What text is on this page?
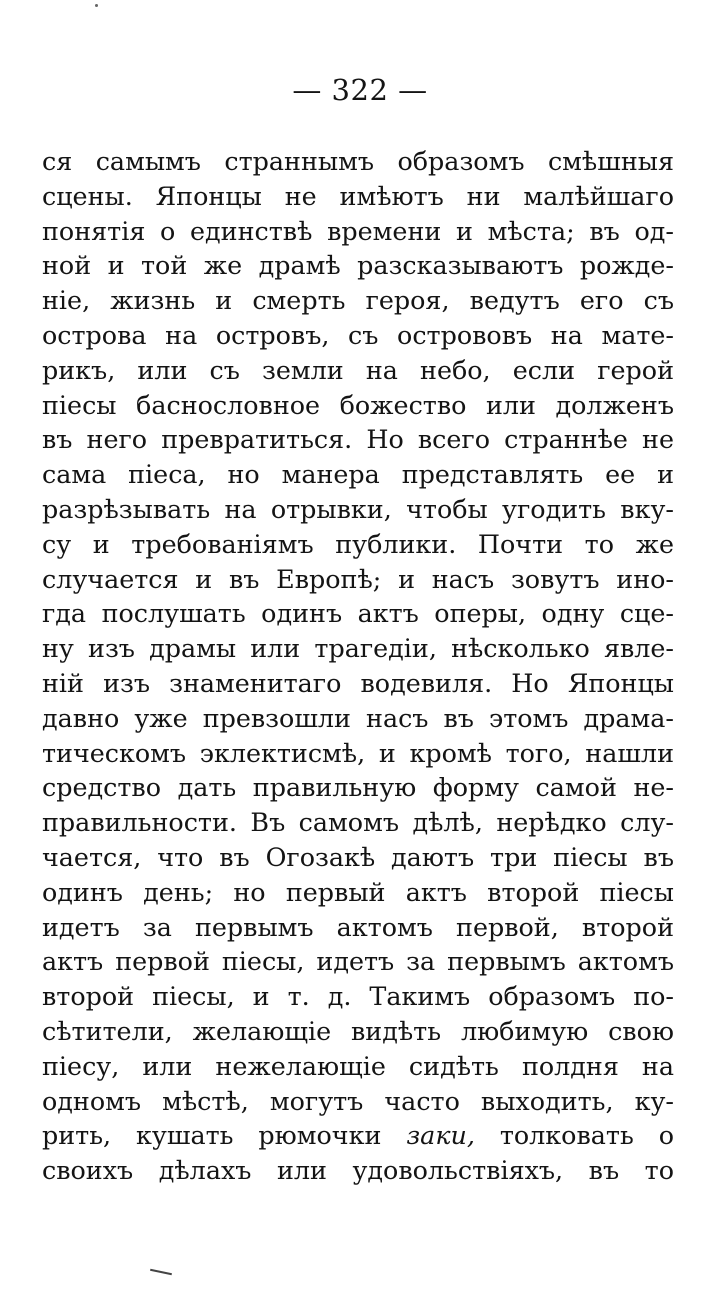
— 322 —
ся самымъ страннымъ образомъ смѣшныя
сцены. Японцы не имѣютъ ни малѣйшаго
понятія о единствѣ времени и мѣста; въ од-
ной и той же драмѣ разсказываютъ рожде-
ніе, жизнь и смерть героя, ведутъ его съ
острова на островъ, съ острововъ на мате-
рикъ, или съ земли на небо, если герой
піесы баснословное божество или долженъ
въ него превратиться. Но всего страннѣе не
сама піеса, но манера представлять ее и
разрѣзывать на отрывки, чтобы угодить вку-
су и требованіямъ публики. Почти то же
случается и въ Европѣ; и насъ зовутъ ино-
гда послушать одинъ актъ оперы, одну сце-
ну изъ драмы или трагедіи, нѣсколько явле-
ній изъ знаменитаго водевиля. Но Японцы
давно уже превзошли насъ въ этомъ драма-
тическомъ эклектисмѣ, и кромѣ того, нашли
средство дать правильную форму самой не-
правильности. Въ самомъ дѣлѣ, нерѣдко слу-
чается, что въ Огозакѣ даютъ три піесы въ
одинъ день; но первый актъ второй піесы
идетъ за первымъ актомъ первой, второй
актъ первой піесы, идетъ за первымъ актомъ
второй піесы, и т. д. Такимъ образомъ по-
сѣтители, желающіе видѣть любимую свою
піесу, или нежелающіе сидѣть полдня на
одномъ мѣстѣ, могутъ часто выходить, ку-
рить, кушать рюмочки заки, толковать о
своихъ дѣлахъ или удовольствіяхъ, въ то
